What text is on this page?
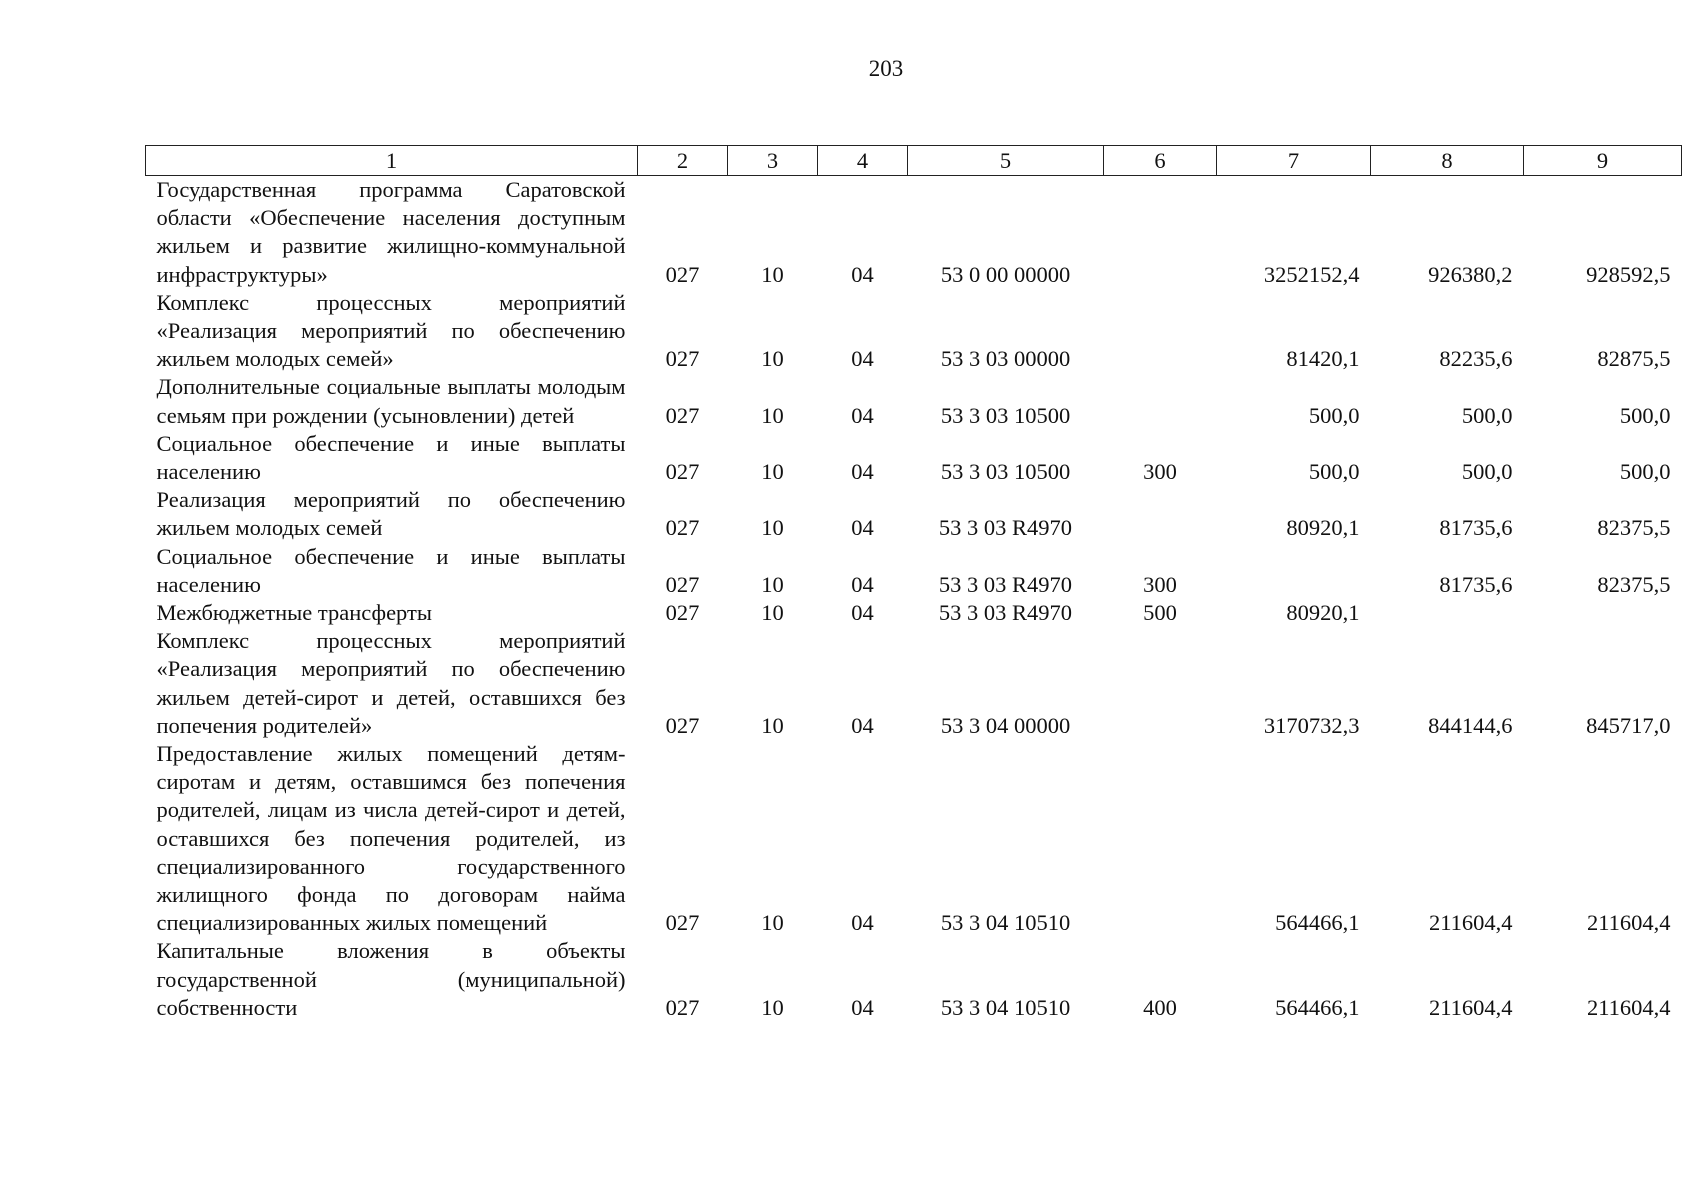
203
1	2	3	4	5	6	7	8	9
Государственная программа Саратовской области «Обеспечение населения доступным жильем и развитие жилищно-коммунальной инфраструктуры»	027	10	04	53 0 00 00000		3252152,4	926380,2	928592,5
Комплекс процессных мероприятий «Реализация мероприятий по обеспечению жильем молодых семей»	027	10	04	53 3 03 00000		81420,1	82235,6	82875,5
Дополнительные социальные выплаты молодым семьям при рождении (усыновлении) детей	027	10	04	53 3 03 10500		500,0	500,0	500,0
Социальное обеспечение и иные выплаты населению	027	10	04	53 3 03 10500	300	500,0	500,0	500,0
Реализация мероприятий по обеспечению жильем молодых семей	027	10	04	53 3 03 R4970		80920,1	81735,6	82375,5
Социальное обеспечение и иные выплаты населению	027	10	04	53 3 03 R4970	300		81735,6	82375,5
Межбюджетные трансферты	027	10	04	53 3 03 R4970	500	80920,1		
Комплекс процессных мероприятий «Реализация мероприятий по обеспечению жильем детей-сирот и детей, оставшихся без попечения родителей»	027	10	04	53 3 04 00000		3170732,3	844144,6	845717,0
Предоставление жилых помещений детям-сиротам и детям, оставшимся без попечения родителей, лицам из числа детей-сирот и детей, оставшихся без попечения родителей, из специализированного государственного жилищного фонда по договорам найма специализированных жилых помещений	027	10	04	53 3 04 10510		564466,1	211604,4	211604,4
Капитальные вложения в объекты государственной (муниципальной) собственности	027	10	04	53 3 04 10510	400	564466,1	211604,4	211604,4
